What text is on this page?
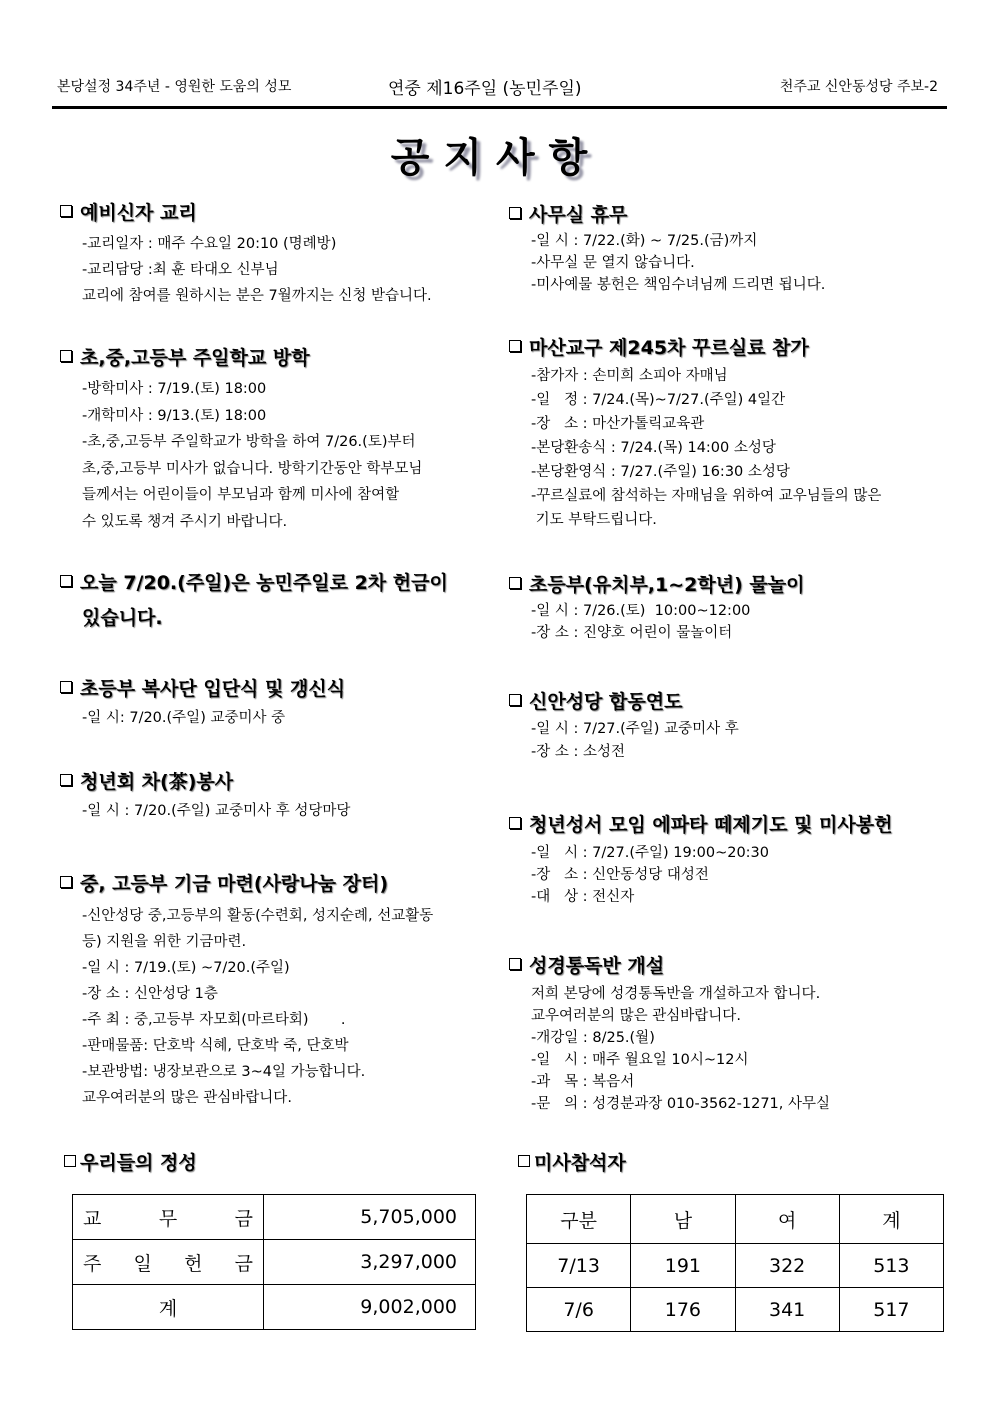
본당설정 34주년 - 영원한 도움의 성모	연중 제16주일 (농민주일)	천주교 신안동성당 주보-2
공지사항
예비신자 교리
-교리일자 : 매주 수요일 20:10 (명례방)
-교리담당 :최 훈 타대오 신부님
교리에 참여를 원하시는 분은 7월까지는 신청 받습니다.
초,중,고등부 주일학교 방학
-방학미사 : 7/19.(토) 18:00
-개학미사 : 9/13.(토) 18:00
-초,중,고등부 주일학교가 방학을 하여 7/26.(토)부터
초,중,고등부 미사가 없습니다. 방학기간동안 학부모님
들께서는 어린이들이 부모님과 함께 미사에 참여할
수 있도록 챙겨 주시기 바랍니다.
오늘 7/20.(주일)은 농민주일로 2차 헌금이
있습니다.
초등부 복사단 입단식 및 갱신식
-일 시: 7/20.(주일) 교중미사 중
청년회 차(茶)봉사
-일 시 : 7/20.(주일) 교중미사 후 성당마당
중, 고등부 기금 마련(사랑나눔 장터)
-신안성당 중,고등부의 활동(수련회, 성지순례, 선교활동
등) 지원을 위한 기금마련.
-일 시 : 7/19.(토) ~7/20.(주일)
-장 소 : 신안성당 1층
-주 최 : 중,고등부 자모회(마르타회)       .
-판매물품: 단호박 식혜, 단호박 죽, 단호박
-보관방법: 냉장보관으로 3~4일 가능합니다.
교우여러분의 많은 관심바랍니다.
사무실 휴무
-일 시 : 7/22.(화) ~ 7/25.(금)까지
-사무실 문 열지 않습니다.
-미사예물 봉헌은 책임수녀님께 드리면 됩니다.
마산교구 제245차 꾸르실료 참가
-참가자 : 손미희 소피아 자매님
-일   정 : 7/24.(목)~7/27.(주일) 4일간
-장   소 : 마산가톨릭교육관
-본당환송식 : 7/24.(목) 14:00 소성당
-본당환영식 : 7/27.(주일) 16:30 소성당
-꾸르실료에 참석하는 자매님을 위하여 교우님들의 많은
기도 부탁드립니다.
초등부(유치부,1~2학년) 물놀이
-일 시 : 7/26.(토)  10:00~12:00
-장 소 : 진양호 어린이 물놀이터
신안성당 합동연도
-일 시 : 7/27.(주일) 교중미사 후
-장 소 : 소성전
청년성서 모임 에파타 떼제기도 및 미사봉헌
-일   시 : 7/27.(주일) 19:00~20:30
-장   소 : 신안동성당 대성전
-대   상 : 전신자
성경통독반 개설
저희 본당에 성경통독반을 개설하고자 합니다.
교우여러분의 많은 관심바랍니다.
-개강일 : 8/25.(월)
-일   시 : 매주 월요일 10시~12시
-과   목 : 복음서
-문   의 : 성경분과장 010-3562-1271, 사무실
우리들의 정성	미사참석자
교 무 금	5,705,000

주 일 헌 금	3,297,000

계	9,002,000
구분	남	여	계
7/13	191	322	513
7/6	176	341	517
